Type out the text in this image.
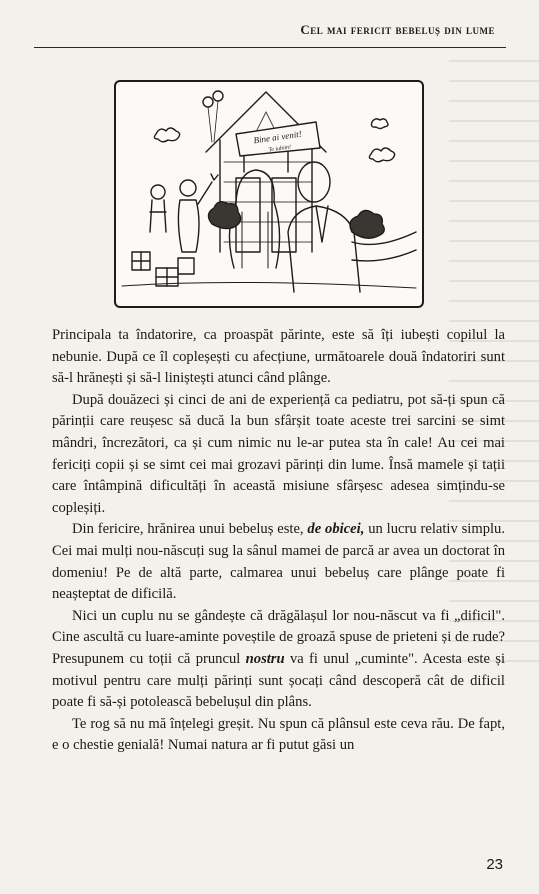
Cel mai fericit bebeluș din lume
Bine ai venit!
Te iubim!

Principala ta îndatorire, ca proaspăt părinte, este să îți iubești copilul la nebunie. După ce îl copleșești cu afecțiune, următoarele două îndatoriri sunt să-l hrănești și să-l liniștești atunci când plânge.

După douăzeci și cinci de ani de experiență ca pediatru, pot să-ți spun că părinții care reușesc să ducă la bun sfârșit toate aceste trei sarcini se simt mândri, încrezători, ca și cum nimic nu le-ar putea sta în cale! Au cei mai fericiți copii și se simt cei mai grozavi părinți din lume. Însă mamele și tații care întâmpină dificultăți în această misiune sfârșesc adesea simțindu-se copleșiți.

Din fericire, hrănirea unui bebeluș este, de obicei, un lucru relativ simplu. Cei mai mulți nou-născuți sug la sânul mamei de parcă ar avea un doctorat în domeniu! Pe de altă parte, calmarea unui bebeluș care plânge poate fi neașteptat de dificilă.

Nici un cuplu nu se gândește că drăgălașul lor nou-născut va fi „dificil". Cine ascultă cu luare-aminte poveștile de groază spuse de prieteni și de rude? Presupunem cu toții că pruncul nostru va fi unul „cuminte". Acesta este și motivul pentru care mulți părinți sunt șocați când descoperă cât de dificil poate fi să-și potolească bebelușul din plâns.

Te rog să nu mă înțelegi greșit. Nu spun că plânsul este ceva rău. De fapt, e o chestie genială! Numai natura ar fi putut găsi un

23
